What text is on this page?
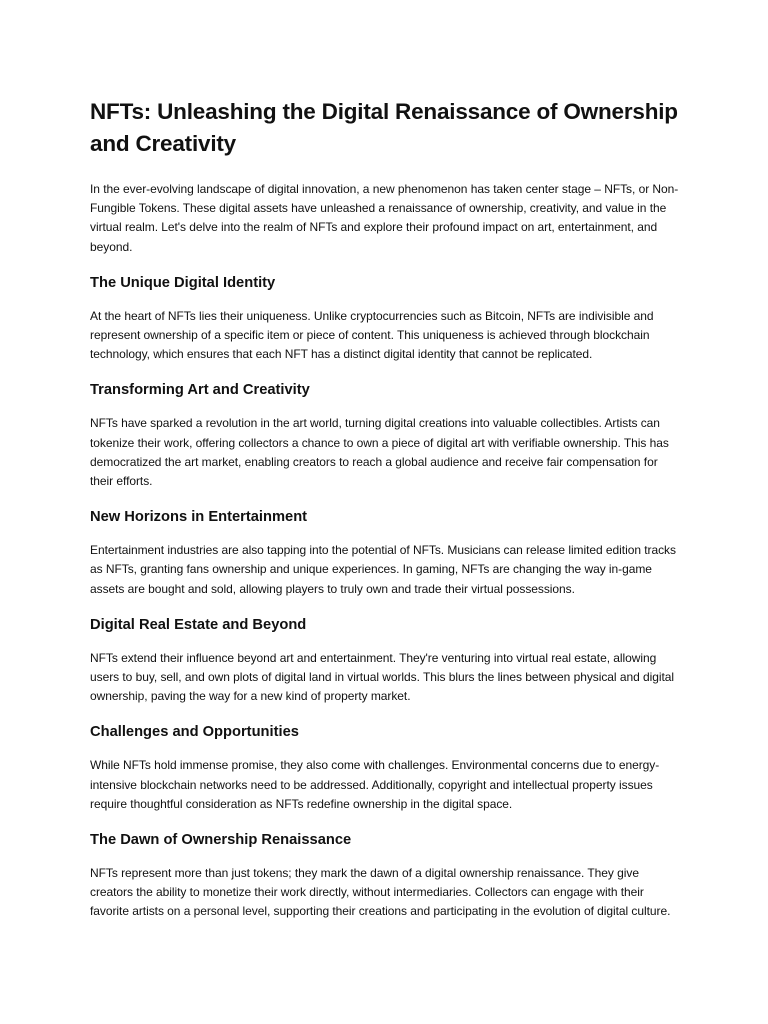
NFTs: Unleashing the Digital Renaissance of Ownership and Creativity

In the ever-evolving landscape of digital innovation, a new phenomenon has taken center stage – NFTs, or Non-Fungible Tokens. These digital assets have unleashed a renaissance of ownership, creativity, and value in the virtual realm. Let's delve into the realm of NFTs and explore their profound impact on art, entertainment, and beyond.

The Unique Digital Identity

At the heart of NFTs lies their uniqueness. Unlike cryptocurrencies such as Bitcoin, NFTs are indivisible and represent ownership of a specific item or piece of content. This uniqueness is achieved through blockchain technology, which ensures that each NFT has a distinct digital identity that cannot be replicated.

Transforming Art and Creativity

NFTs have sparked a revolution in the art world, turning digital creations into valuable collectibles. Artists can tokenize their work, offering collectors a chance to own a piece of digital art with verifiable ownership. This has democratized the art market, enabling creators to reach a global audience and receive fair compensation for their efforts.

New Horizons in Entertainment

Entertainment industries are also tapping into the potential of NFTs. Musicians can release limited edition tracks as NFTs, granting fans ownership and unique experiences. In gaming, NFTs are changing the way in-game assets are bought and sold, allowing players to truly own and trade their virtual possessions.

Digital Real Estate and Beyond

NFTs extend their influence beyond art and entertainment. They're venturing into virtual real estate, allowing users to buy, sell, and own plots of digital land in virtual worlds. This blurs the lines between physical and digital ownership, paving the way for a new kind of property market.

Challenges and Opportunities

While NFTs hold immense promise, they also come with challenges. Environmental concerns due to energy-intensive blockchain networks need to be addressed. Additionally, copyright and intellectual property issues require thoughtful consideration as NFTs redefine ownership in the digital space.

The Dawn of Ownership Renaissance

NFTs represent more than just tokens; they mark the dawn of a digital ownership renaissance. They give creators the ability to monetize their work directly, without intermediaries. Collectors can engage with their favorite artists on a personal level, supporting their creations and participating in the evolution of digital culture.
